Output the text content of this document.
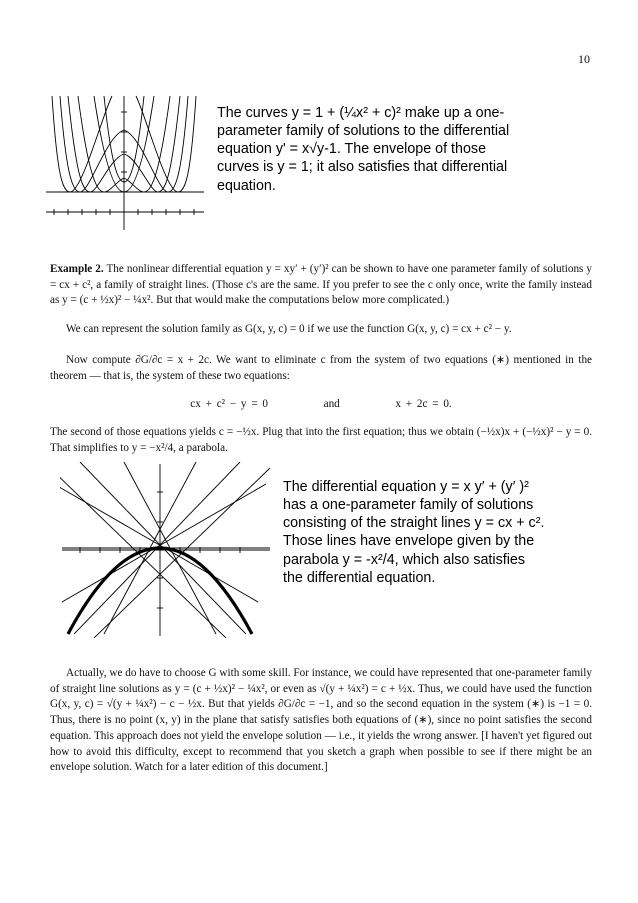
10
The curves y = 1 + (¼x² + c)² make up a one-
parameter family of solutions to the differential
equation y' = x√y-1. The envelope of those
curves is y = 1; it also satisfies that differential
equation.

Example 2. The nonlinear differential equation y = xy′ + (y′)² can be shown to have one parameter family of solutions y = cx + c², a family of straight lines. (Those c's are the same. If you prefer to see the c only once, write the family instead as y = (c + ½x)² − ¼x². But that would make the computations below more complicated.)

We can represent the solution family as G(x, y, c) = 0 if we use the function G(x, y, c) = cx + c² − y.

Now compute ∂G/∂c = x + 2c. We want to eliminate c from the system of two equations (∗) mentioned in the theorem — that is, the system of these two equations:

cx + c² − y = 0	and	x + 2c = 0.

The second of those equations yields c = −½x. Plug that into the first equation; thus we obtain (−½x)x + (−½x)² − y = 0. That simplifies to y = −x²/4, a parabola.

The differential equation y = x y′ + (y′ )²
has a one-parameter family of solutions
consisting of the straight lines y = cx + c².
Those lines have envelope given by the
parabola y = -x²/4, which also satisfies
the differential equation.

Actually, we do have to choose G with some skill. For instance, we could have represented that one-parameter family of straight line solutions as y = (c + ½x)² − ¼x², or even as √(y + ¼x²) = c + ½x. Thus, we could have used the function G(x, y, c) = √(y + ¼x²) − c − ½x. But that yields ∂G/∂c = −1, and so the second equation in the system (∗) is −1 = 0. Thus, there is no point (x, y) in the plane that satisfy satisfies both equations of (∗), since no point satisfies the second equation. This approach does not yield the envelope solution — i.e., it yields the wrong answer. [I haven't yet figured out how to avoid this difficulty, except to recommend that you sketch a graph when possible to see if there might be an envelope solution. Watch for a later edition of this document.]
